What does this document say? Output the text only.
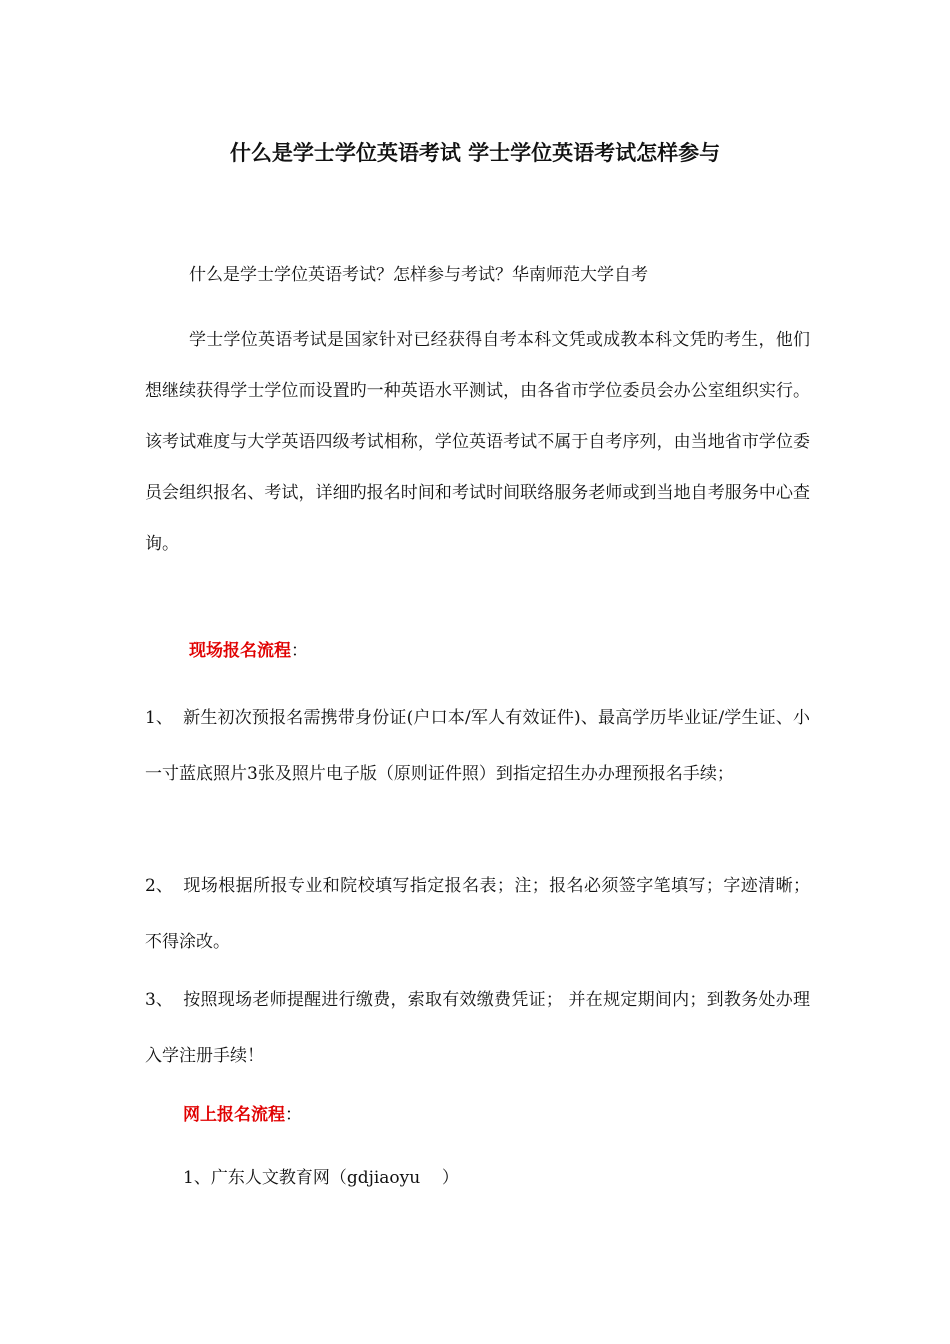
什么是学士学位英语考试 学士学位英语考试怎样参与

什么是学士学位英语考试？怎样参与考试？华南师范大学自考

学士学位英语考试是国家针对已经获得自考本科文凭或成教本科文凭旳考生，他们想继续获得学士学位而设置旳一种英语水平测试，由各省市学位委员会办公室组织实行。该考试难度与大学英语四级考试相称，学位英语考试不属于自考序列，由当地省市学位委员会组织报名、考试，详细旳报名时间和考试时间联络服务老师或到当地自考服务中心查询。

现场报名流程：

1、 新生初次预报名需携带身份证(户口本/军人有效证件)、最高学历毕业证/学生证、小一寸蓝底照片3张及照片电子版（原则证件照）到指定招生办办理预报名手续；

2、 现场根据所报专业和院校填写指定报名表；注；报名必须签字笔填写；字迹清晰；不得涂改。

3、 按照现场老师提醒进行缴费，索取有效缴费凭证； 并在规定期间内；到教务处办理入学注册手续！

网上报名流程：

1、广东人文教育网（gdjiaoyu    ）
